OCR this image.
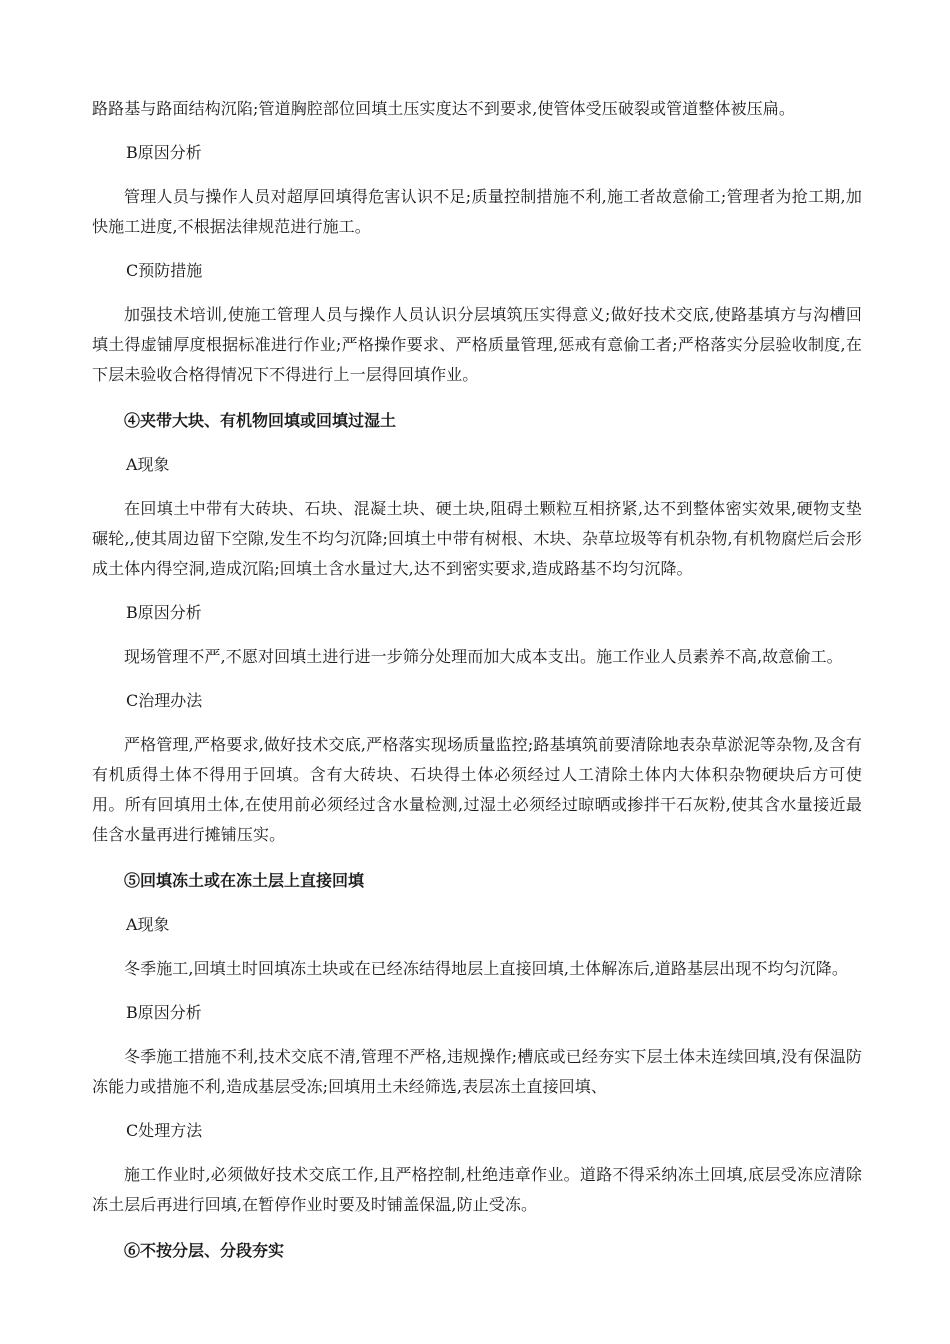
路路基与路面结构沉陷;管道胸腔部位回填土压实度达不到要求,使管体受压破裂或管道整体被压扁。

B原因分析

管理人员与操作人员对超厚回填得危害认识不足;质量控制措施不利,施工者故意偷工;管理者为抢工期,加快施工进度,不根据法律规范进行施工。

C预防措施

加强技术培训,使施工管理人员与操作人员认识分层填筑压实得意义;做好技术交底,使路基填方与沟槽回填土得虚铺厚度根据标准进行作业;严格操作要求、严格质量管理,惩戒有意偷工者;严格落实分层验收制度,在下层未验收合格得情况下不得进行上一层得回填作业。

④夹带大块、有机物回填或回填过湿土

A现象

在回填土中带有大砖块、石块、混凝土块、硬土块,阻碍土颗粒互相挤紧,达不到整体密实效果,硬物支垫碾轮,,使其周边留下空隙,发生不均匀沉降;回填土中带有树根、木块、杂草垃圾等有机杂物,有机物腐烂后会形成土体内得空洞,造成沉陷;回填土含水量过大,达不到密实要求,造成路基不均匀沉降。

B原因分析

现场管理不严,不愿对回填土进行进一步筛分处理而加大成本支出。施工作业人员素养不高,故意偷工。

C治理办法

严格管理,严格要求,做好技术交底,严格落实现场质量监控;路基填筑前要清除地表杂草淤泥等杂物,及含有有机质得土体不得用于回填。含有大砖块、石块得土体必须经过人工清除土体内大体积杂物硬块后方可使用。所有回填用土体,在使用前必须经过含水量检测,过湿土必须经过晾晒或掺拌干石灰粉,使其含水量接近最佳含水量再进行摊铺压实。

⑤回填冻土或在冻土层上直接回填

A现象

冬季施工,回填土时回填冻土块或在已经冻结得地层上直接回填,土体解冻后,道路基层出现不均匀沉降。

B原因分析

冬季施工措施不利,技术交底不清,管理不严格,违规操作;槽底或已经夯实下层土体未连续回填,没有保温防冻能力或措施不利,造成基层受冻;回填用土未经筛选,表层冻土直接回填、

C处理方法

施工作业时,必须做好技术交底工作,且严格控制,杜绝违章作业。道路不得采纳冻土回填,底层受冻应清除冻土层后再进行回填,在暂停作业时要及时铺盖保温,防止受冻。

⑥不按分层、分段夯实
